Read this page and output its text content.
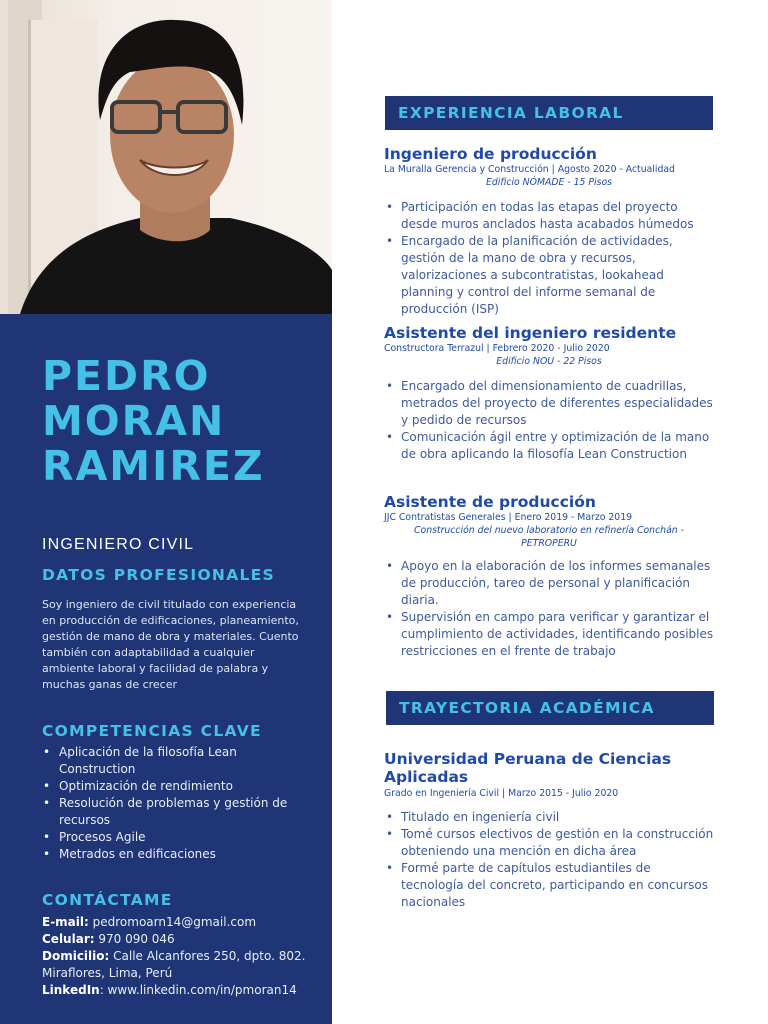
PEDRO
MORAN
RAMIREZ
INGENIERO CIVIL
DATOS PROFESIONALES

Soy ingeniero de civil titulado con experiencia en producción de edificaciones, planeamiento, gestión de mano de obra y materiales. Cuento también con adaptabilidad a cualquier ambiente laboral y facilidad de palabra y muchas ganas de crecer

COMPETENCIAS CLAVE
• Aplicación de la filosofía Lean Construction
• Optimización de rendimiento
• Resolución de problemas y gestión de recursos
• Procesos Agile
• Metrados en edificaciones
CONTÁCTAME
E-mail: pedromoarn14@gmail.com
Celular: 970 090 046
Domicilio: Calle Alcanfores 250, dpto. 802. Miraflores, Lima, Perú
LinkedIn: www.linkedin.com/in/pmoran14
EXPERIENCIA LABORAL
Ingeniero de producción
La Muralla Gerencia y Construcción | Agosto 2020 - Actualidad
Edificio NÓMADE - 15 Pisos
• Participación en todas las etapas del proyecto desde muros anclados hasta acabados húmedos
• Encargado de la planificación de actividades, gestión de la mano de obra y recursos, valorizaciones a subcontratistas, lookahead planning y control del informe semanal de producción (ISP)
Asistente del ingeniero residente
Constructora Terrazul | Febrero 2020 - Julio 2020
Edificio NOU - 22 Pisos
• Encargado del dimensionamiento de cuadrillas, metrados del proyecto de diferentes especialidades y pedido de recursos
• Comunicación ágil entre y optimización de la mano de obra aplicando la filosofía Lean Construction
Asistente de producción
JJC Contratistas Generales | Enero 2019 - Marzo 2019
Construcción del nuevo laboratorio en refinería Conchán -
PETROPERU
• Apoyo en la elaboración de los informes semanales de producción, tareo de personal y planificación diaria.
• Supervisión en campo para verificar y garantizar el cumplimiento de actividades, identificando posibles restricciones en el frente de trabajo
TRAYECTORIA ACADÉMICA
Universidad Peruana de Ciencias Aplicadas
Grado en Ingeniería Civil | Marzo 2015 - Julio 2020
• Titulado en ingeniería civil
• Tomé cursos electivos de gestión en la construcción obteniendo una mención en dicha área
• Formé parte de capítulos estudiantiles de tecnología del concreto, participando en concursos nacionales
